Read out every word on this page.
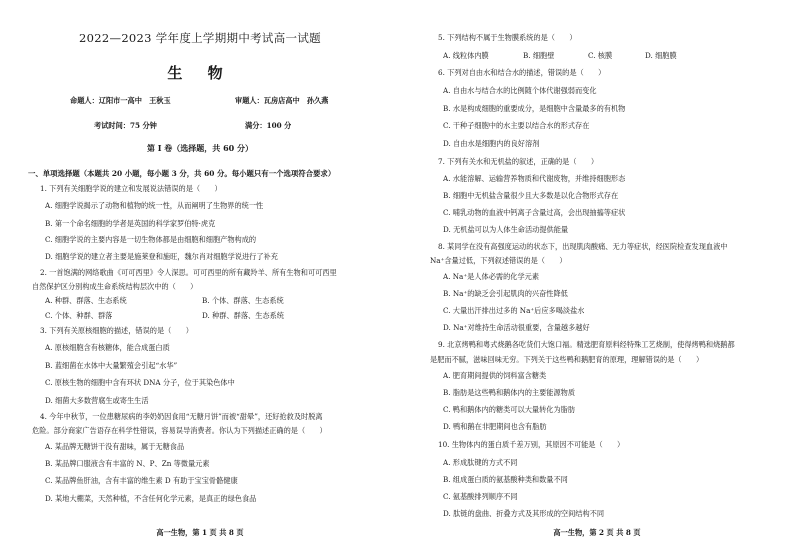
2022—2023 学年度上学期期中考试高一试题
生 物
命题人：辽阳市一高中　王秋玉	审题人：瓦房店高中　孙久燕
考试时间：75 分钟	满分：100 分
第 Ⅰ 卷（选择题，共 60 分）
一、单项选择题（本题共 20 小题，每小题 3 分，共 60 分。每小题只有一个选项符合要求）
1. 下列有关细胞学说的建立和发展说法错误的是（　　）
A. 细胞学说揭示了动物和植物的统一性，从而阐明了生物界的统一性
B. 第一个命名细胞的学者是英国的科学家罗伯特·虎克
C. 细胞学说的主要内容是一切生物体都是由细胞和细胞产物构成的
D. 细胞学说的建立者主要是施莱登和施旺，魏尔肖对细胞学说进行了补充
2. 一首饱满的网络歌曲《可可西里》令人深思。可可西里的所有藏羚羊、所有生物和可可西里
自然保护区分别构成生命系统结构层次中的（　　）
A. 种群、群落、生态系统	B. 个体、群落、生态系统
C. 个体、种群、群落	D. 种群、群落、生态系统
3. 下列有关原核细胞的描述，错误的是（　　）
A. 原核细胞含有核糖体，能合成蛋白质
B. 蓝细菌在水体中大量繁殖会引起“水华”
C. 原核生物的细胞中含有环状 DNA 分子，位于其染色体中
D. 细菌大多数营腐生或寄生生活
4. 今年中秋节，一位患糖尿病的李奶奶因食用“无糖月饼”而被“甜晕”，还好抢救及时脱离
危险。部分商家广告语存在科学性错误，容易误导消费者。你认为下列描述正确的是（　　）
A. 某品牌无糖饼干没有甜味，属于无糖食品
B. 某品牌口服液含有丰富的 N、P、Zn 等微量元素
C. 某品牌鱼肝油，含有丰富的维生素 D 有助于宝宝骨骼健康
D. 某地大棚菜，天然种植，不含任何化学元素，是真正的绿色食品
高一生物，第 1 页 共 8 页
5. 下列结构不属于生物膜系统的是（　　）
A. 线粒体内膜	B. 细胞壁	C. 核膜	D. 细胞膜
6. 下列对自由水和结合水的描述，错误的是（　　）
A. 自由水与结合水的比例随个体代谢强弱而变化
B. 水是构成细胞的重要成分，是细胞中含量最多的有机物
C. 干种子细胞中的水主要以结合水的形式存在
D. 自由水是细胞内的良好溶剂
7. 下列有关水和无机盐的叙述，正确的是（　　）
A. 水能溶解、运输营养物质和代谢废物，并维持细胞形态
B. 细胞中无机盐含量很少且大多数是以化合物形式存在
C. 哺乳动物的血液中钙离子含量过高，会出现抽搐等症状
D. 无机盐可以为人体生命活动提供能量
8. 某同学在没有高强度运动的状态下，出现肌肉酸痛、无力等症状，经医院检查发现血液中
Na⁺含量过低，下列叙述错误的是（　　）
A. Na⁺是人体必需的化学元素
B. Na⁺的缺乏会引起肌肉的兴奋性降低
C. 大量出汗排出过多的 Na⁺后应多喝淡盐水
D. Na⁺对维持生命活动很重要，含量越多越好
9. 北京烤鸭和粤式烧鹅各吃货们大饱口福。精选肥育原料经特殊工艺烧制，使得烤鸭和烧鹅都
是肥而不腻，滋味回味无穷。下列关于这些鸭和鹅肥育的原理，理解错误的是（　　）
A. 肥育期间提供的饲料富含糖类
B. 脂肪是这些鸭和鹅体内的主要能源物质
C. 鸭和鹅体内的糖类可以大量转化为脂肪
D. 鸭和鹅在非肥期间也含有脂肪
10. 生物体内的蛋白质千差万别，其原因不可能是（　　）
A. 形成肽键的方式不同
B. 组成蛋白质的氨基酸种类和数量不同
C. 氨基酸排列顺序不同
D. 肽链的盘曲、折叠方式及其形成的空间结构不同
高一生物，第 2 页 共 8 页
